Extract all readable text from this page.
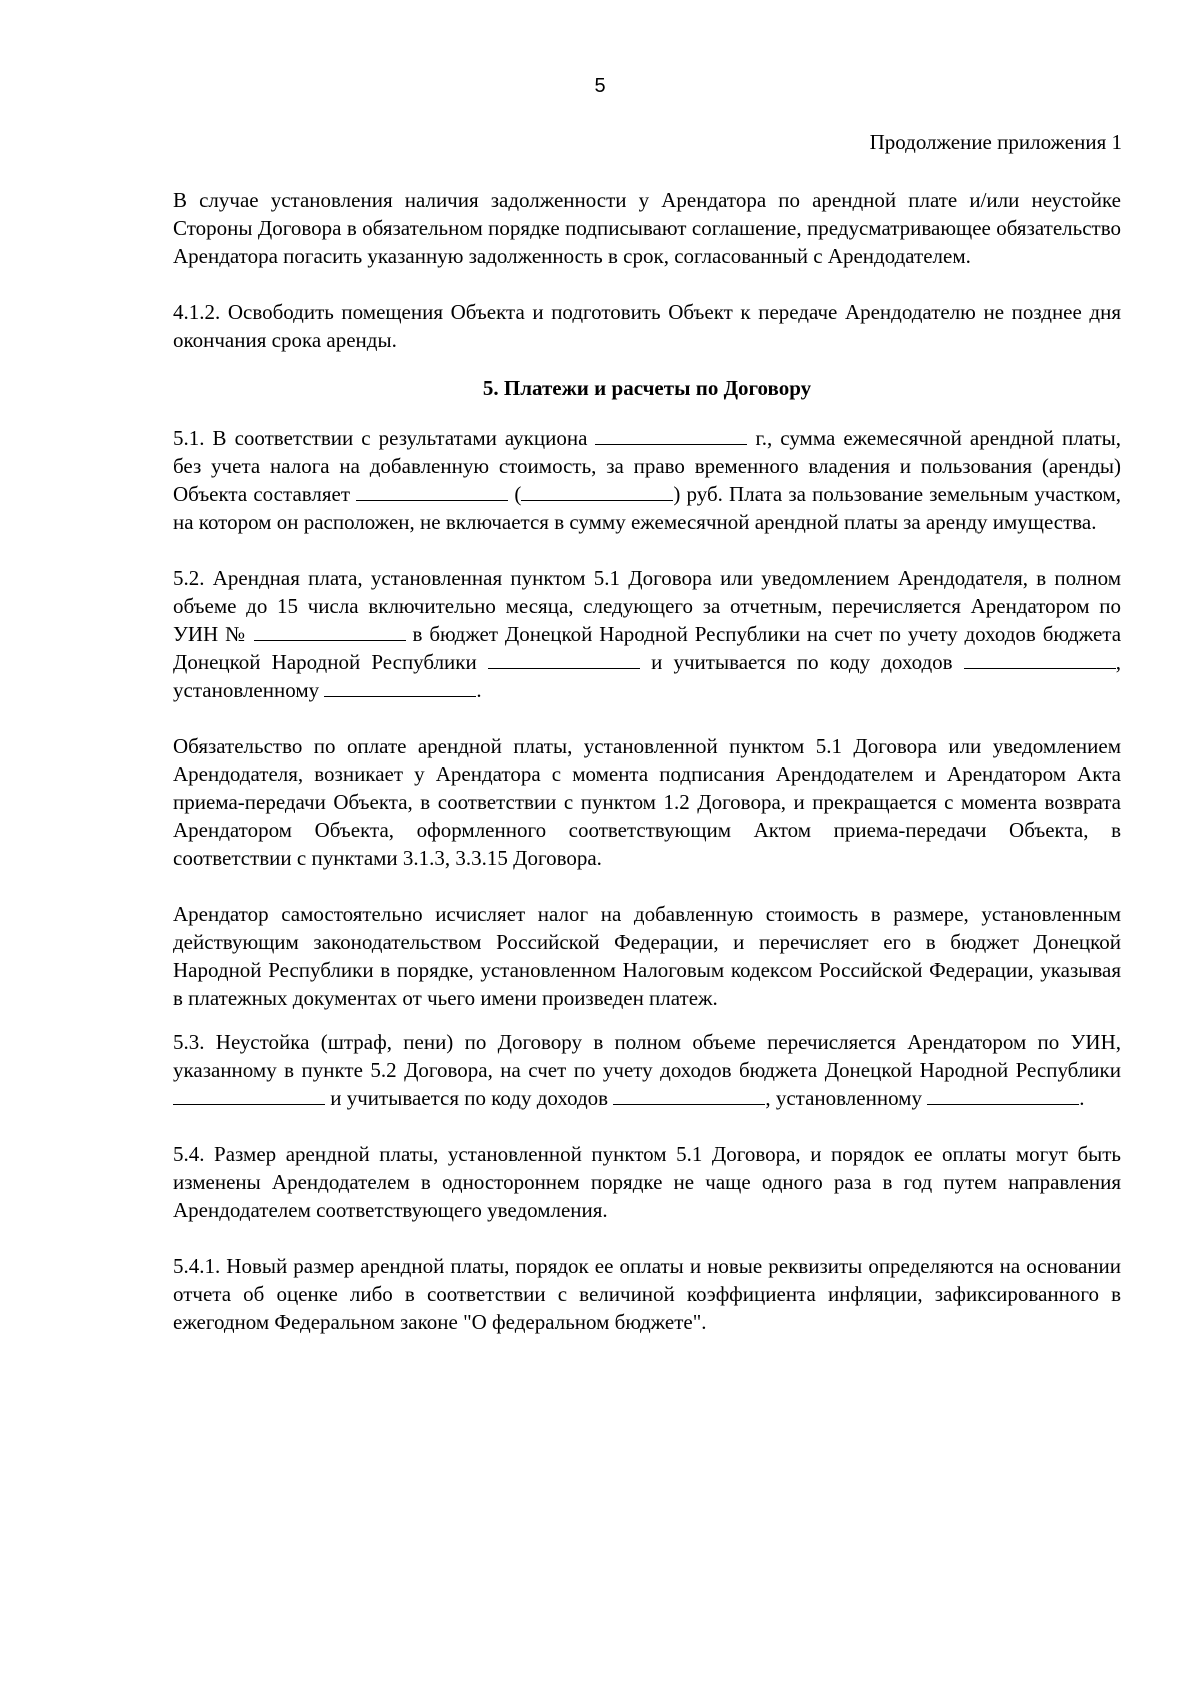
5
Продолжение приложения 1

В случае установления наличия задолженности у Арендатора по арендной плате и/или неустойке Стороны Договора в обязательном порядке подписывают соглашение, предусматривающее обязательство Арендатора погасить указанную задолженность в срок, согласованный с Арендодателем.

4.1.2. Освободить помещения Объекта и подготовить Объект к передаче Арендодателю не позднее дня окончания срока аренды.

5. Платежи и расчеты по Договору

5.1. В соответствии с результатами аукциона	г., сумма ежемесячной арендной платы, без учета налога на добавленную стоимость, за право временного владения и пользования (аренды) Объекта составляет	(	) руб. Плата за пользование земельным участком, на котором он расположен, не включается в сумму ежемесячной арендной платы за аренду имущества.

5.2. Арендная плата, установленная пунктом 5.1 Договора или уведомлением Арендодателя, в полном объеме до 15 числа включительно месяца, следующего за отчетным, перечисляется Арендатором по УИН №	в бюджет Донецкой Народной Республики на счет по учету доходов бюджета Донецкой Народной Республики	и учитывается по коду доходов	, установленному	.

Обязательство по оплате арендной платы, установленной пунктом 5.1 Договора или уведомлением Арендодателя, возникает у Арендатора с момента подписания Арендодателем и Арендатором Акта приема-передачи Объекта, в соответствии с пунктом 1.2 Договора, и прекращается с момента возврата Арендатором Объекта, оформленного соответствующим Актом приема-передачи Объекта, в соответствии с пунктами 3.1.3, 3.3.15 Договора.

Арендатор самостоятельно исчисляет налог на добавленную стоимость в размере, установленным действующим законодательством Российской Федерации, и перечисляет его в бюджет Донецкой Народной Республики в порядке, установленном Налоговым кодексом Российской Федерации, указывая в платежных документах от чьего имени произведен платеж.

5.3. Неустойка (штраф, пени) по Договору в полном объеме перечисляется Арендатором по УИН, указанному в пункте 5.2 Договора, на счет по учету доходов бюджета Донецкой Народной Республики  и учитывается по коду доходов	, установленному	.

5.4. Размер арендной платы, установленной пунктом 5.1 Договора, и порядок ее оплаты могут быть изменены Арендодателем в одностороннем порядке не чаще одного раза в год путем направления Арендодателем соответствующего уведомления.

5.4.1. Новый размер арендной платы, порядок ее оплаты и новые реквизиты определяются на основании отчета об оценке либо в соответствии с величиной коэффициента инфляции, зафиксированного в ежегодном Федеральном законе "О федеральном бюджете".
